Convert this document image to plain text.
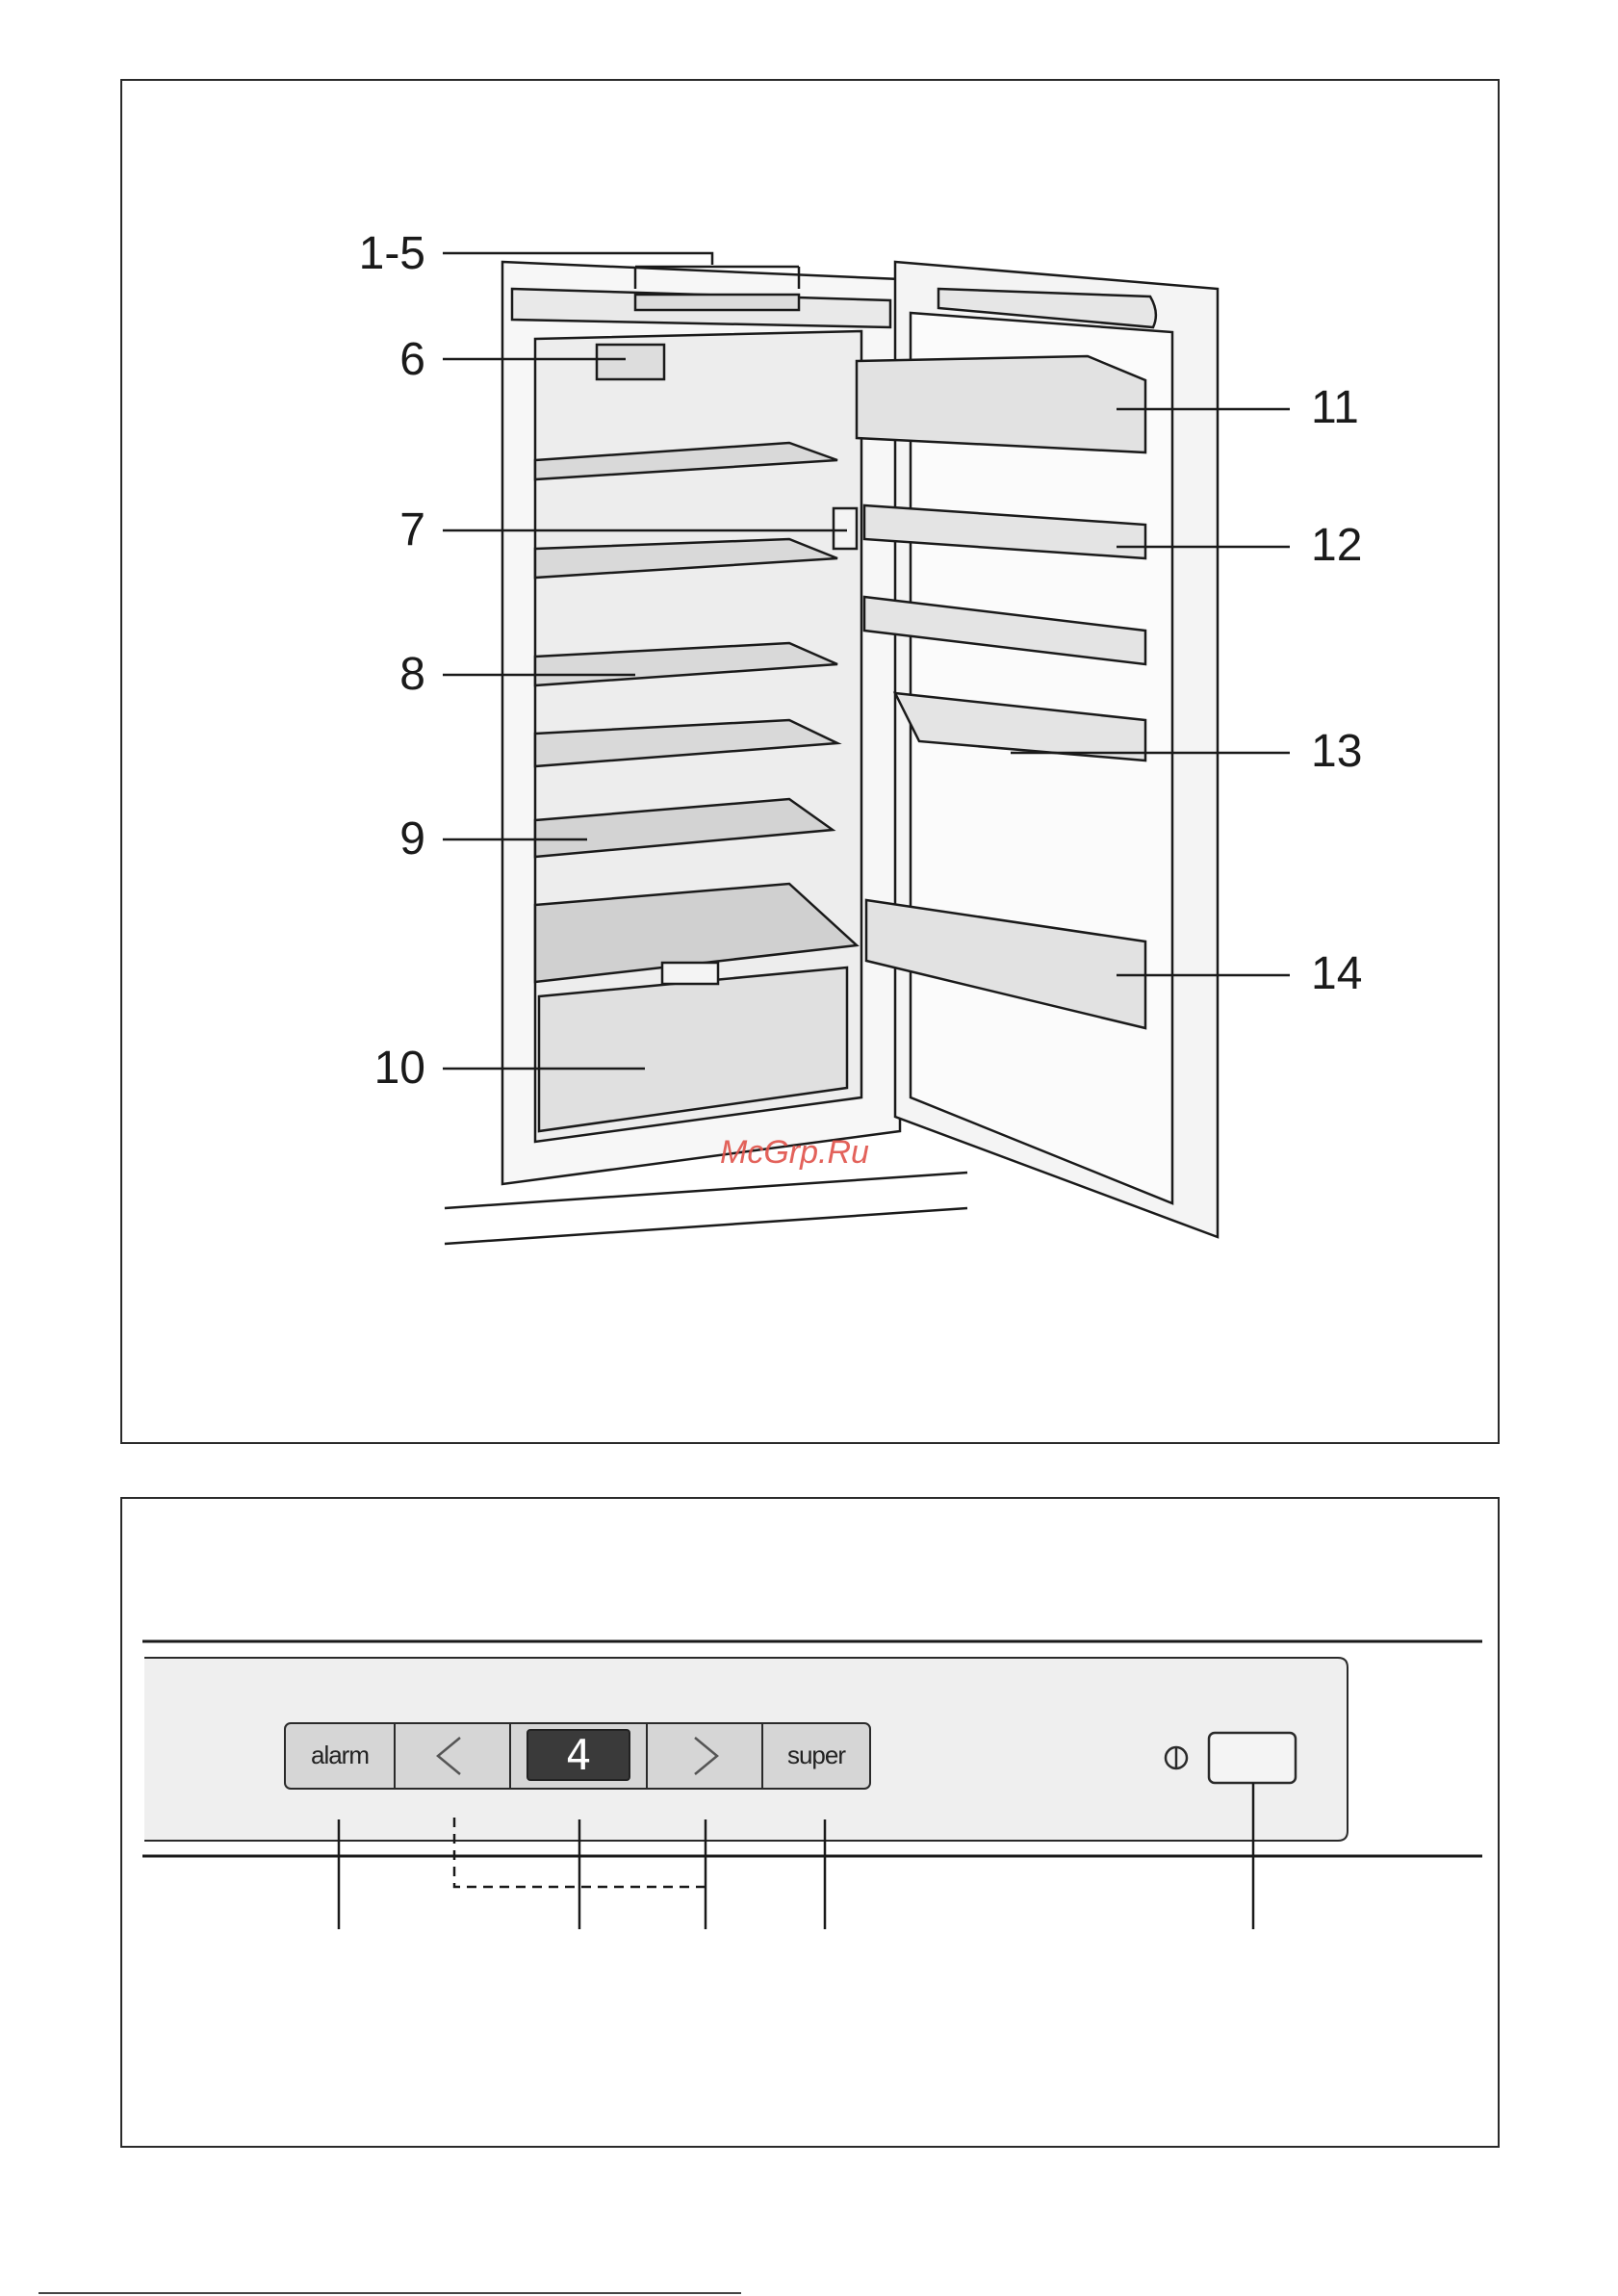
1-5
6
7
8
9
10
11
12
13
14
McGrp.Ru
alarm	4	super
